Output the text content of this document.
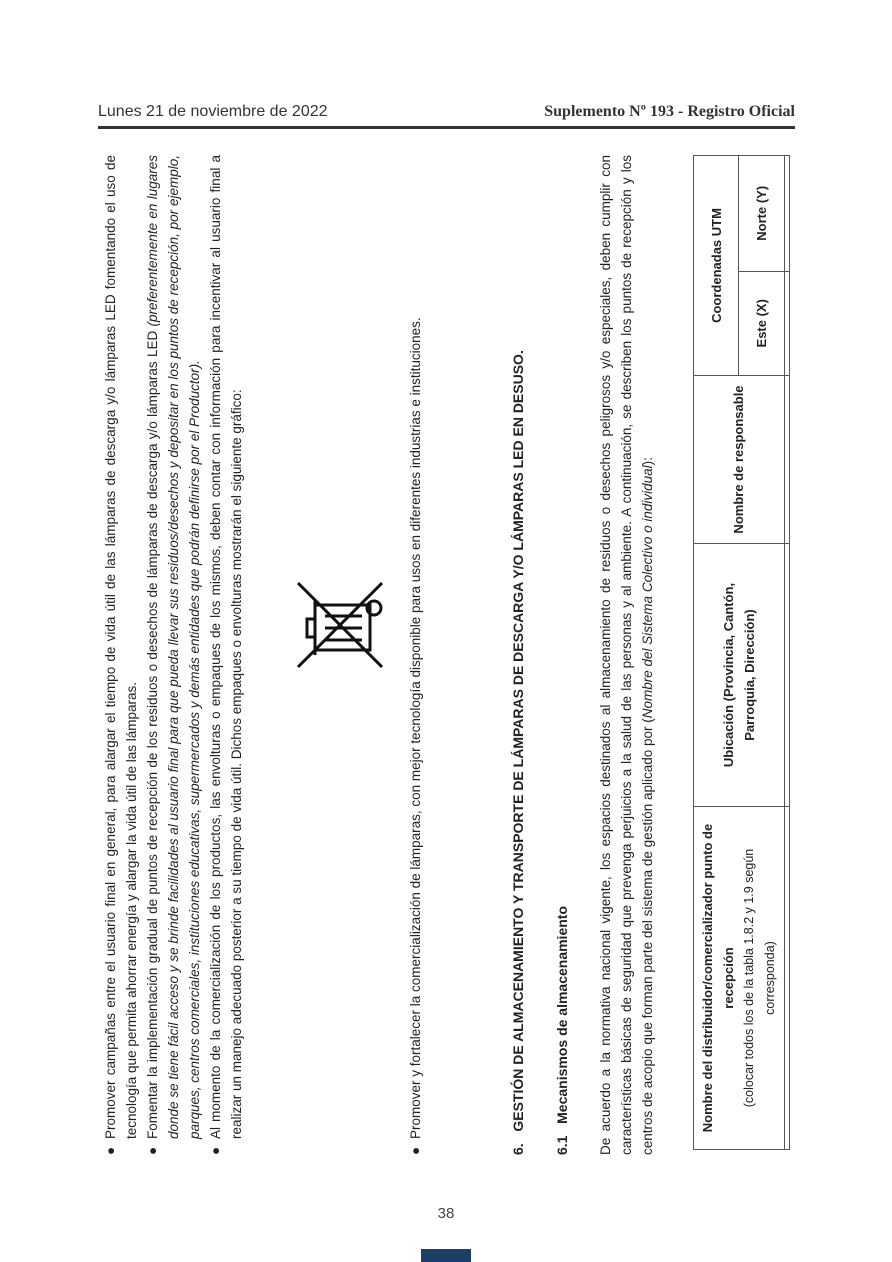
Lunes 21 de noviembre de 2022	Suplemento Nº 193 - Registro Oficial
●
Promover campañas entre el usuario final en general, para alargar el tiempo de vida útil de las lámparas de descarga y/o lámparas LED fomentando el uso de tecnología que permita ahorrar energía y alargar la vida útil de las lámparas.
●
Fomentar la implementación gradual de puntos de recepción de los residuos o desechos de lámparas de descarga y/o lámparas LED (preferentemente en lugares donde se tiene fácil acceso y se brinde facilidades al usuario final para que pueda llevar sus residuos/desechos y depositar en los puntos de recepción, por ejemplo, parques, centros comerciales, instituciones educativas, supermercados y demás entidades que podrán definirse por el Productor).
●
Al momento de la comercialización de los productos, las envolturas o empaques de los mismos, deben contar con información para incentivar al usuario final a realizar un manejo adecuado posterior a su tiempo de vida útil. Dichos empaques o envolturas mostrarán el siguiente gráfico:
●
Promover y fortalecer la comercialización de lámparas, con mejor tecnología disponible para usos en diferentes industrias e instituciones.
6.   GESTIÓN DE ALMACENAMIENTO Y TRANSPORTE DE LÁMPARAS DE DESCARGA Y/O LÁMPARAS LED EN DESUSO.
6.1   Mecanismos de almacenamiento De acuerdo a la normativa nacional vigente, los espacios destinados al almacenamiento de residuos o desechos peligrosos y/o especiales, deben cumplir con características básicas de seguridad que prevenga perjuicios a la salud de las personas y al ambiente. A continuación, se describen los puntos de recepción y los centros de acopio que forman parte del sistema de gestión aplicado por (Nombre del Sistema Colectivo o individual):
Nombre del distribuidor/comercializador punto de recepción (colocar todos los de la tabla 1.8.2 y 1.9 según corresponda)	Ubicación (Provincia, Cantón, Parroquia, Dirección)	Nombre de responsable	Coordenadas UTM	
			Este (X)	Norte (Y)

38
